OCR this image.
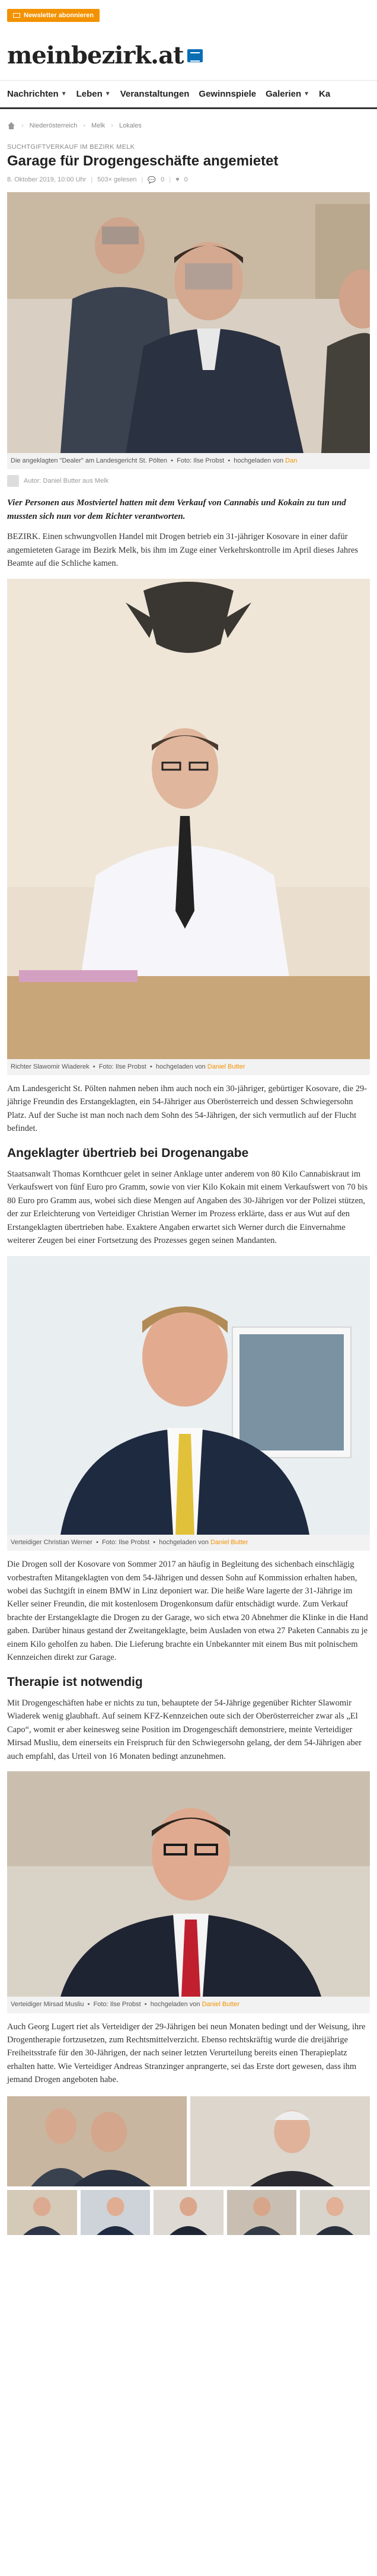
Newsletter abonnieren
meinbezirk.at
Nachrichten ▼ Leben ▼ Veranstaltungen Gewinnspiele Galerien ▼ Ka
› Niederösterreich › Melk › Lokales
SUCHTGIFTVERKAUF IM BEZIRK MELK
Garage für Drogengeschäfte angemietet
8. Oktober 2019, 10:00 Uhr | 503× gelesen | 💬 0 | ♥ 0
Die angeklagten "Dealer" am Landesgericht St. Pölten  •  Foto: Ilse Probst  •  hochgeladen von Dan
Autor: Daniel Butter aus Melk

Vier Personen aus Mostviertel hatten mit dem Verkauf von Cannabis und Kokain zu tun und mussten sich nun vor dem Richter verantworten.

BEZIRK. Einen schwungvollen Handel mit Drogen betrieb ein 31-jähriger Kosovare in einer dafür angemieteten Garage im Bezirk Melk, bis ihm im Zuge einer Verkehrskontrolle im April dieses Jahres Beamte auf die Schliche kamen.

Richter Slawomir Wiaderek  •  Foto: Ilse Probst  •  hochgeladen von Daniel Butter

Am Landesgericht St. Pölten nahmen neben ihm auch noch ein 30-jähriger, gebürtiger Kosovare, die 29-jährige Freundin des Erstangeklagten, ein 54-Jähriger aus Oberösterreich und dessen Schwiegersohn Platz. Auf der Suche ist man noch nach dem Sohn des 54-Jährigen, der sich vermutlich auf der Flucht befindet.

Angeklagter übertrieb bei Drogenangabe

Staatsanwalt Thomas Kornthcuer gelet in seiner Anklage unter anderem von 80 Kilo Cannabiskraut im Verkaufswert von fünf Euro pro Gramm, sowie von vier Kilo Kokain mit einem Verkaufswert von 70 bis 80 Euro pro Gramm aus, wobei sich diese Mengen auf Angaben des 30-Jährigen vor der Polizei stützen, der zur Erleichterung von Verteidiger Christian Werner im Prozess erklärte, dass er aus Wut auf den Erstangeklagten übertrieben habe. Exaktere Angaben erwartet sich Werner durch die Einvernahme weiterer Zeugen bei einer Fortsetzung des Prozesses gegen seinen Mandanten.

Verteidiger Christian Werner  •  Foto: Ilse Probst  •  hochgeladen von Daniel Butter

Die Drogen soll der Kosovare von Sommer 2017 an häufig in Begleitung des sichenbach einschlägig vorbestraften Mitangeklagten von dem 54-Jährigen und dessen Sohn auf Kommission erhalten haben, wobei das Suchtgift in einem BMW in Linz deponiert war. Die heiße Ware lagerte der 31-Jährige im Keller seiner Freundin, die mit kostenlosem Drogenkonsum dafür entschädigt wurde. Zum Verkauf brachte der Erstangeklagte die Drogen zu der Garage, wo sich etwa 20 Abnehmer die Klinke in die Hand gaben. Darüber hinaus gestand der Zweitangeklagte, beim Ausladen von etwa 27 Paketen Cannabis zu je einem Kilo geholfen zu haben. Die Lieferung brachte ein Unbekannter mit einem Bus mit polnischem Kennzeichen direkt zur Garage.

Therapie ist notwendig

Mit Drogengeschäften habe er nichts zu tun, behauptete der 54-Jährige gegenüber Richter Slawomir Wiaderek wenig glaubhaft. Auf seinem KFZ-Kennzeichen oute sich der Oberösterreicher zwar als „El Capo“, womit er aber keinesweg seine Position im Drogengeschäft demonstriere, meinte Verteidiger Mirsad Musliu, dem einerseits ein Freispruch für den Schwiegersohn gelang, der dem 54-Jährigen aber auch empfahl, das Urteil von 16 Monaten bedingt anzunehmen.

Verteidiger Mirsad Musliu  •  Foto: Ilse Probst  •  hochgeladen von Daniel Butter

Auch Georg Lugert riet als Verteidiger der 29-Jährigen bei neun Monaten bedingt und der Weisung, ihre Drogentherapie fortzusetzen, zum Rechtsmittelverzicht. Ebenso rechtskräftig wurde die dreijährige Freiheitsstrafe für den 30-Jährigen, der nach seiner letzten Verurteilung bereits einen Therapieplatz erhalten hatte. Wie Verteidiger Andreas Stranzinger anprangerte, sei das Erste dort gewesen, dass ihm jemand Drogen angeboten habe.
